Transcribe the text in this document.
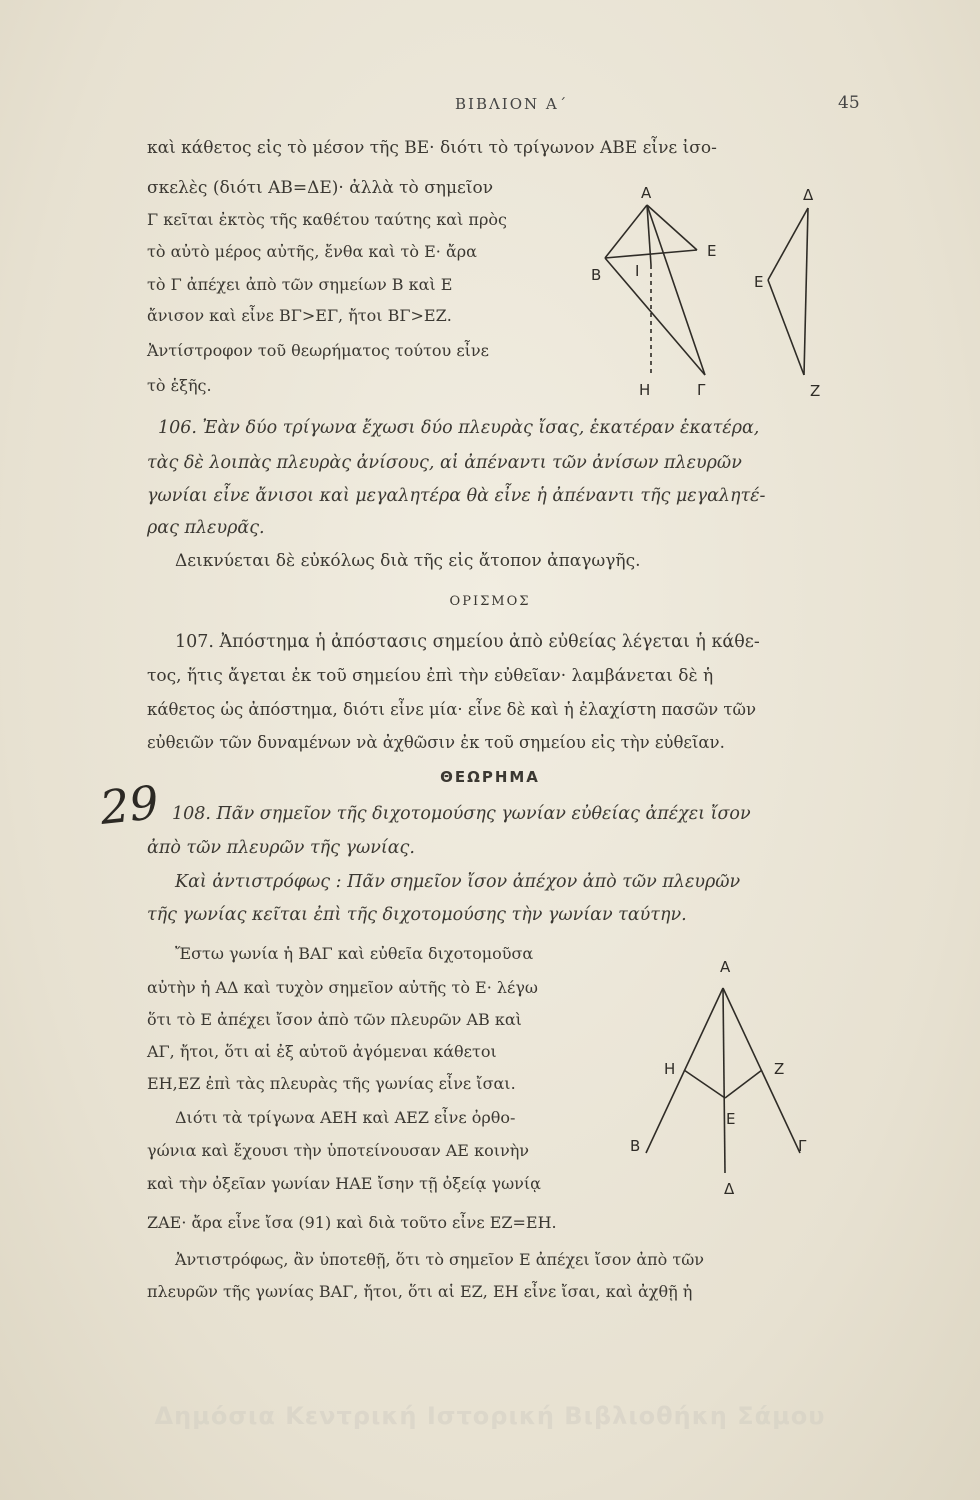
ΒΙΒΛΙΟΝ Α΄	45
καὶ κάθετος εἰς τὸ μέσον τῆς ΒΕ· διότι τὸ τρίγωνον ΑΒΕ εἶνε ἰσο-
σκελὲς (διότι ΑΒ=ΔΕ)· ἀλλὰ τὸ σημεῖον
Γ κεῖται ἐκτὸς τῆς καθέτου ταύτης καὶ πρὸς
τὸ αὐτὸ μέρος αὐτῆς, ἔνθα καὶ τὸ Ε· ἄρα
τὸ Γ ἀπέχει ἀπὸ τῶν σημείων Β καὶ Ε
ἄνισον καὶ εἶνε ΒΓ>ΕΓ, ἤτοι ΒΓ>ΕΖ.
Ἀντίστροφον τοῦ θεωρήματος τούτου εἶνε
τὸ ἑξῆς.
Α
Β
Ε
Ι
Η	Γ
Δ
Ε
Ζ
106. Ἐὰν δύο τρίγωνα ἔχωσι δύο πλευρὰς ἴσας, ἑκατέραν ἑκατέρα,
τὰς δὲ λοιπὰς πλευρὰς ἀνίσους, αἱ ἀπέναντι τῶν ἀνίσων πλευρῶν
γωνίαι εἶνε ἄνισοι καὶ μεγαλητέρα θὰ εἶνε ἡ ἀπέναντι τῆς μεγαλητέ-
ρας πλευρᾶς.
Δεικνύεται δὲ εὐκόλως διὰ τῆς εἰς ἄτοπον ἀπαγωγῆς.
ΟΡΙΣΜΟΣ
107. Ἀπόστημα ἡ ἀπόστασις σημείου ἀπὸ εὐθείας λέγεται ἡ κάθε-
τος, ἥτις ἄγεται ἐκ τοῦ σημείου ἐπὶ τὴν εὐθεῖαν· λαμβάνεται δὲ ἡ
κάθετος ὡς ἀπόστημα, διότι εἶνε μία· εἶνε δὲ καὶ ἡ ἐλαχίστη πασῶν τῶν
εὐθειῶν τῶν δυναμένων νὰ ἀχθῶσιν ἐκ τοῦ σημείου εἰς τὴν εὐθεῖαν.
ΘΕΩΡΗΜΑ
29 108. Πᾶν σημεῖον τῆς διχοτομούσης γωνίαν εὐθείας ἀπέχει ἴσον
ἀπὸ τῶν πλευρῶν τῆς γωνίας.
Καὶ ἀντιστρόφως : Πᾶν σημεῖον ἴσον ἀπέχον ἀπὸ τῶν πλευρῶν
τῆς γωνίας κεῖται ἐπὶ τῆς διχοτομούσης τὴν γωνίαν ταύτην.
Ἔστω γωνία ἡ ΒΑΓ καὶ εὐθεῖα διχοτομοῦσα
αὐτὴν ἡ ΑΔ καὶ τυχὸν σημεῖον αὐτῆς τὸ Ε· λέγω
ὅτι τὸ Ε ἀπέχει ἴσον ἀπὸ τῶν πλευρῶν ΑΒ καὶ
ΑΓ, ἤτοι, ὅτι αἱ ἐξ αὐτοῦ ἀγόμεναι κάθετοι
ΕΗ,ΕΖ ἐπὶ τὰς πλευρὰς τῆς γωνίας εἶνε ἴσαι.
Διότι τὰ τρίγωνα ΑΕΗ καὶ ΑΕΖ εἶνε ὀρθο-
γώνια καὶ ἔχουσι τὴν ὑποτείνουσαν ΑΕ κοινὴν
καὶ τὴν ὀξεῖαν γωνίαν ΗΑΕ ἴσην τῇ ὀξείᾳ γωνίᾳ
ΖΑΕ· ἄρα εἶνε ἴσα (91) καὶ διὰ τοῦτο εἶνε ΕΖ=ΕΗ.
Ἀντιστρόφως, ἂν ὑποτεθῇ, ὅτι τὸ σημεῖον Ε ἀπέχει ἴσον ἀπὸ τῶν
πλευρῶν τῆς γωνίας ΒΑΓ, ἤτοι, ὅτι αἱ ΕΖ, ΕΗ εἶνε ἴσαι, καὶ ἀχθῇ ἡ
Α
Η	Ζ
Ε
Β	Γ
Δ
Δημόσια Κεντρική Ιστορική Βιβλιοθήκη Σάμου
